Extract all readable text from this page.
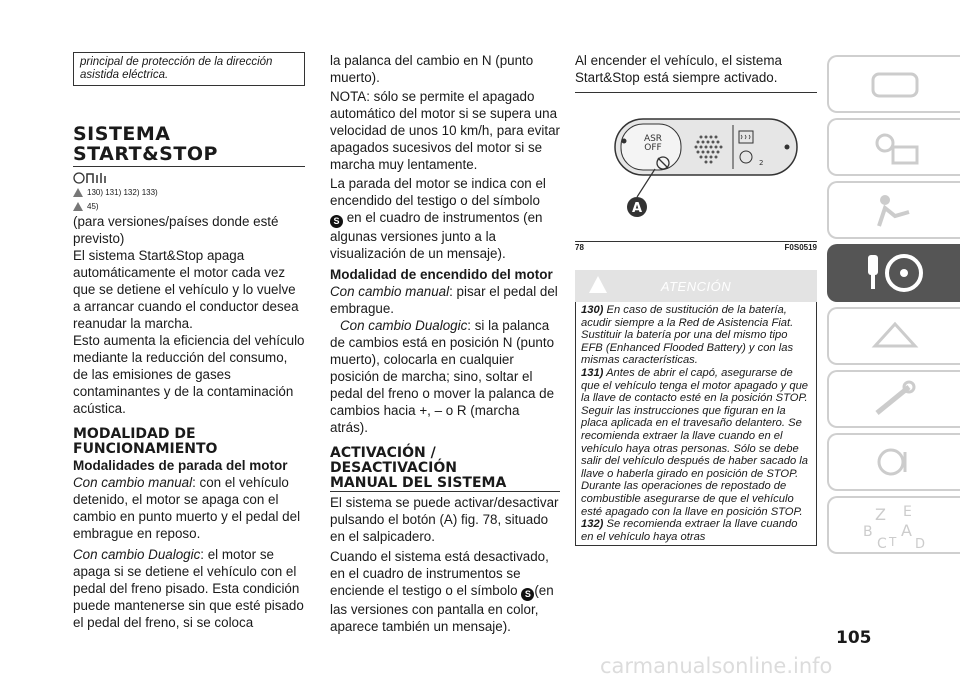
principal de protección de la dirección asistida eléctrica.
SISTEMA
START&STOP
130) 131) 132) 133)
45)

(para versiones/países donde esté previsto)

El sistema Start&Stop apaga automáticamente el motor cada vez que se detiene el vehículo y lo vuelve a arrancar cuando el conductor desea reanudar la marcha.

Esto aumenta la eficiencia del vehículo mediante la reducción del consumo, de las emisiones de gases contaminantes y de la contaminación acústica.

MODALIDAD DE
FUNCIONAMIENTO
Modalidades de parada del motor

Con cambio manual: con el vehículo detenido, el motor se apaga con el cambio en punto muerto y el pedal del embrague en reposo.

Con cambio Dualogic: el motor se apaga si se detiene el vehículo con el pedal del freno pisado. Esta condición puede mantenerse sin que esté pisado el pedal del freno, si se coloca

la palanca del cambio en N (punto muerto).

NOTA: sólo se permite el apagado automático del motor si se supera una velocidad de unos 10 km/h, para evitar apagados sucesivos del motor si se marcha muy lentamente.

La parada del motor se indica con el encendido del testigo o del símbolo
S en el cuadro de instrumentos (en algunas versiones junto a la visualización de un mensaje).

Modalidad de encendido del motor

Con cambio manual: pisar el pedal del embrague.

Con cambio Dualogic: si la palanca de cambios está en posición N (punto muerto), colocarla en cualquier posición de marcha; sino, soltar el pedal del freno o mover la palanca de cambios hacia +, – o R (marcha atrás).

ACTIVACIÓN /
DESACTIVACIÓN
MANUAL DEL SISTEMA

El sistema se puede activar/desactivar pulsando el botón (A) fig. 78, situado en el salpicadero.

Cuando el sistema está desactivado, en el cuadro de instrumentos se enciende el testigo o el símbolo S (en las versiones con pantalla en color, aparece también un mensaje).

Al encender el vehículo, el sistema Start&Stop está siempre activado.

ASR
OFF
2
A
78	F0S0519
ATENCIÓN
130) En caso de sustitución de la batería, acudir siempre a la Red de Asistencia Fiat. Sustituir la batería por una del mismo tipo EFB (Enhanced Flooded Battery) y con las mismas características.
131) Antes de abrir el capó, asegurarse de que el vehículo tenga el motor apagado y que la llave de contacto esté en la posición STOP. Seguir las instrucciones que figuran en la placa aplicada en el travesaño delantero. Se recomienda extraer la llave cuando en el vehículo haya otras personas. Sólo se debe salir del vehículo después de haber sacado la llave o haberla girado en posición de STOP. Durante las operaciones de repostado de combustible asegurarse de que el vehículo esté apagado con la llave en posición STOP.
132) Se recomienda extraer la llave cuando en el vehículo haya otras
Z E
B A
C T D
105
carmanualsonline.info
